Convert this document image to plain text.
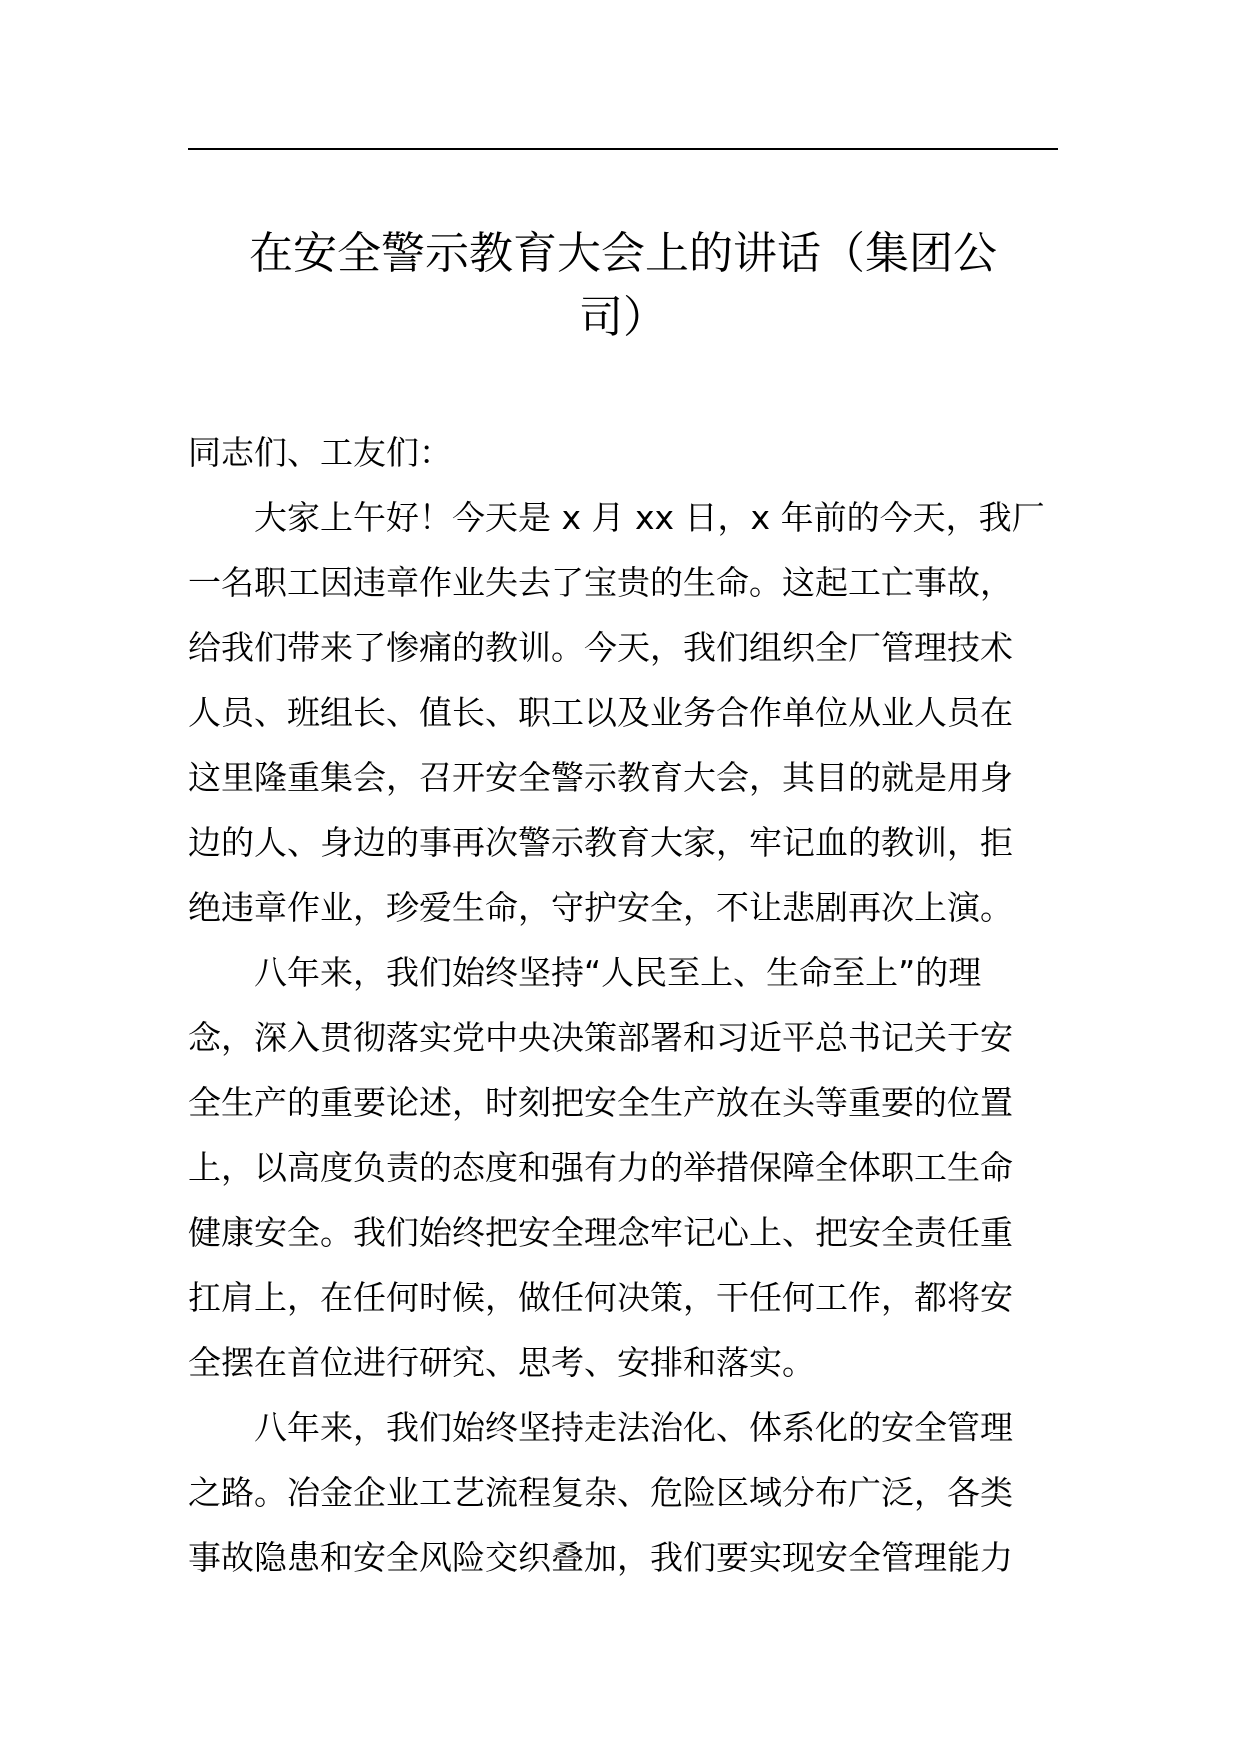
在安全警示教育大会上的讲话（集团公
司）
同志们、工友们：
　　大家上午好！今天是 x 月 xx 日，x 年前的今天，我厂
一名职工因违章作业失去了宝贵的生命。这起工亡事故，
给我们带来了惨痛的教训。今天，我们组织全厂管理技术
人员、班组长、值长、职工以及业务合作单位从业人员在
这里隆重集会，召开安全警示教育大会，其目的就是用身
边的人、身边的事再次警示教育大家，牢记血的教训，拒
绝违章作业，珍爱生命，守护安全，不让悲剧再次上演。
　　八年来，我们始终坚持“人民至上、生命至上”的理
念，深入贯彻落实党中央决策部署和习近平总书记关于安
全生产的重要论述，时刻把安全生产放在头等重要的位置
上，以高度负责的态度和强有力的举措保障全体职工生命
健康安全。我们始终把安全理念牢记心上、把安全责任重
扛肩上，在任何时候，做任何决策，干任何工作，都将安
全摆在首位进行研究、思考、安排和落实。
　　八年来，我们始终坚持走法治化、体系化的安全管理
之路。冶金企业工艺流程复杂、危险区域分布广泛，各类
事故隐患和安全风险交织叠加，我们要实现安全管理能力
